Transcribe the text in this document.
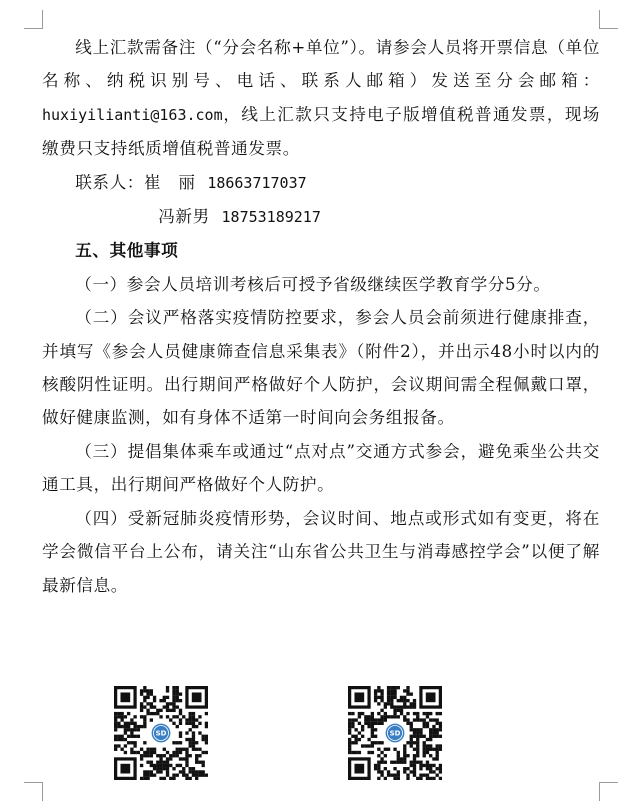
线上汇款需备注（“分会名称+单位”）。请参会人员将开票信息（单位名称、纳税识别号、电话、联系人邮箱）发送至分会邮箱：huxiyilianti@163.com，线上汇款只支持电子版增值税普通发票，现场缴费只支持纸质增值税普通发票。

联系人：崔　丽 18663717037

冯新男 18753189217

五、其他事项

（一）参会人员培训考核后可授予省级继续医学教育学分5分。

（二）会议严格落实疫情防控要求，参会人员会前须进行健康排查，并填写《参会人员健康筛查信息采集表》（附件2），并出示48小时以内的核酸阴性证明。出行期间严格做好个人防护，会议期间需全程佩戴口罩，做好健康监测，如有身体不适第一时间向会务组报备。

（三）提倡集体乘车或通过“点对点”交通方式参会，避免乘坐公共交通工具，出行期间严格做好个人防护。

（四）受新冠肺炎疫情形势，会议时间、地点或形式如有变更，将在学会微信平台上公布，请关注“山东省公共卫生与消毒感控学会”以便了解最新信息。

SD	SD
